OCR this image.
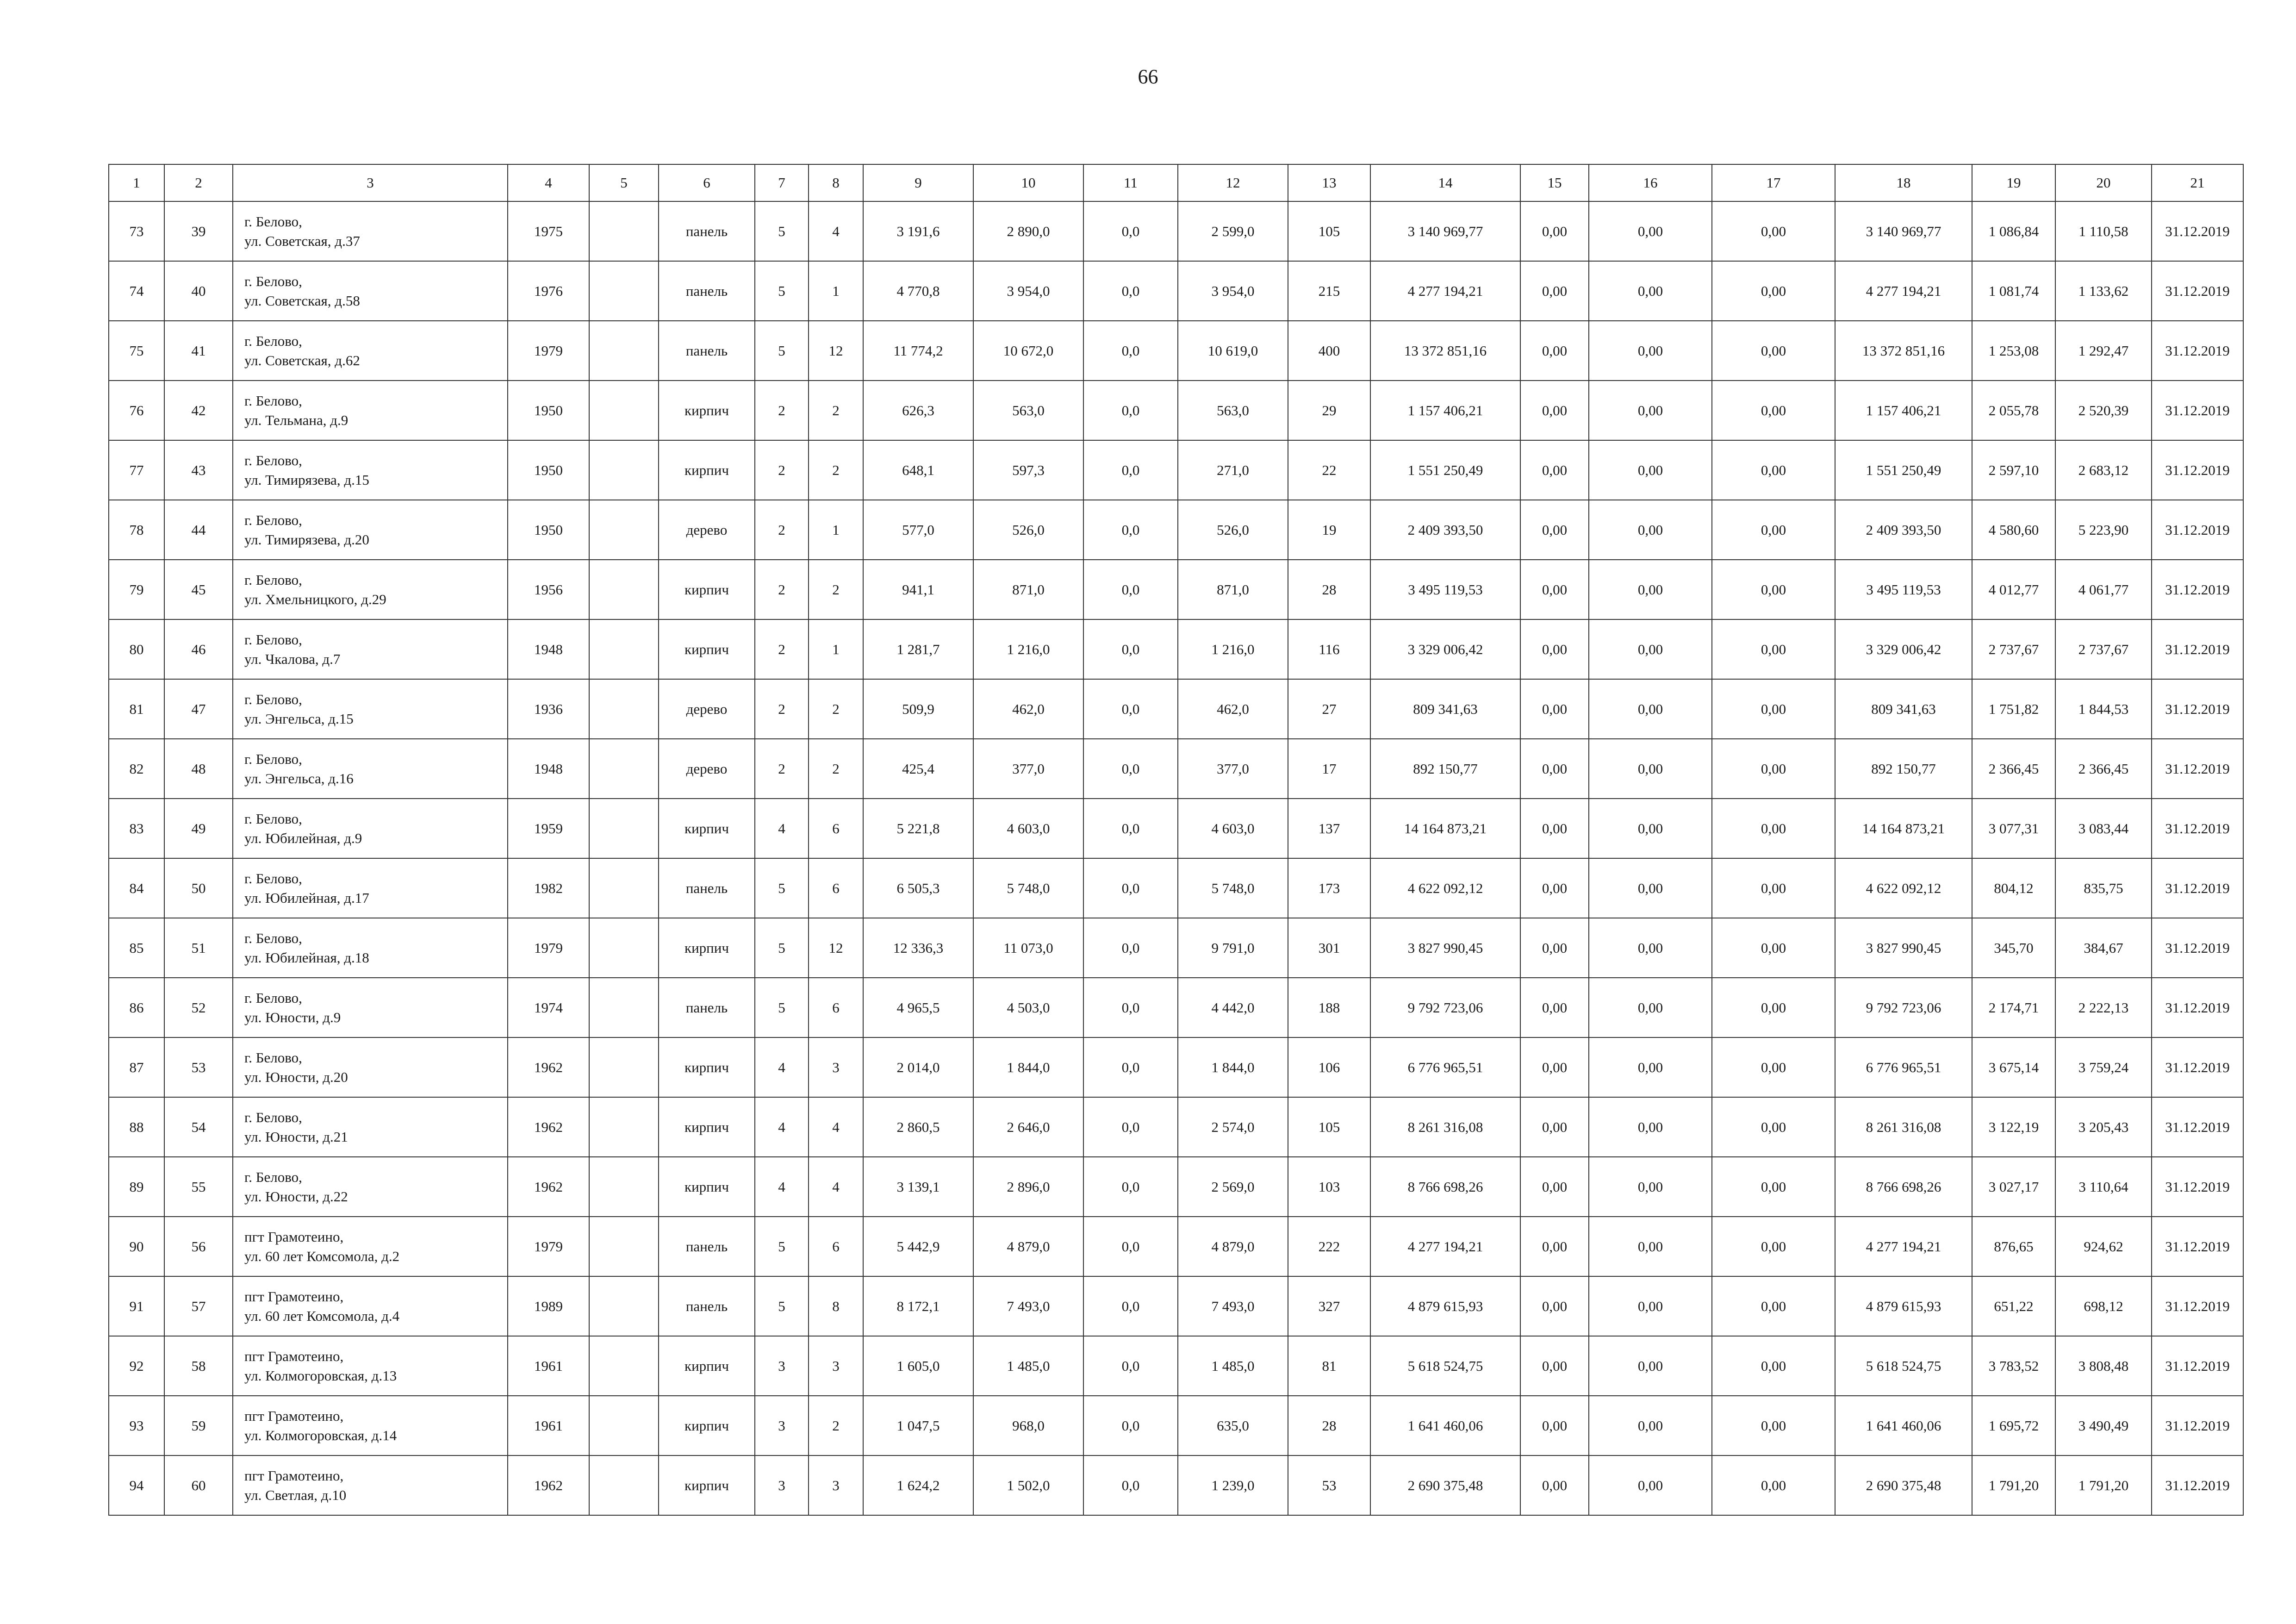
66
1	2	3	4	5	6	7	8	9	10	11	12	13	14	15	16	17	18	19	20	21
73	39	г. Белово,
ул. Советская, д.37	1975		панель	5	4	3 191,6	2 890,0	0,0	2 599,0	105	3 140 969,77	0,00	0,00	0,00	3 140 969,77	1 086,84	1 110,58	31.12.2019
74	40	г. Белово,
ул. Советская, д.58	1976		панель	5	1	4 770,8	3 954,0	0,0	3 954,0	215	4 277 194,21	0,00	0,00	0,00	4 277 194,21	1 081,74	1 133,62	31.12.2019
75	41	г. Белово,
ул. Советская, д.62	1979		панель	5	12	11 774,2	10 672,0	0,0	10 619,0	400	13 372 851,16	0,00	0,00	0,00	13 372 851,16	1 253,08	1 292,47	31.12.2019
76	42	г. Белово,
ул. Тельмана, д.9	1950		кирпич	2	2	626,3	563,0	0,0	563,0	29	1 157 406,21	0,00	0,00	0,00	1 157 406,21	2 055,78	2 520,39	31.12.2019
77	43	г. Белово,
ул. Тимирязева, д.15	1950		кирпич	2	2	648,1	597,3	0,0	271,0	22	1 551 250,49	0,00	0,00	0,00	1 551 250,49	2 597,10	2 683,12	31.12.2019
78	44	г. Белово,
ул. Тимирязева, д.20	1950		дерево	2	1	577,0	526,0	0,0	526,0	19	2 409 393,50	0,00	0,00	0,00	2 409 393,50	4 580,60	5 223,90	31.12.2019
79	45	г. Белово,
ул. Хмельницкого, д.29	1956		кирпич	2	2	941,1	871,0	0,0	871,0	28	3 495 119,53	0,00	0,00	0,00	3 495 119,53	4 012,77	4 061,77	31.12.2019
80	46	г. Белово,
ул. Чкалова, д.7	1948		кирпич	2	1	1 281,7	1 216,0	0,0	1 216,0	116	3 329 006,42	0,00	0,00	0,00	3 329 006,42	2 737,67	2 737,67	31.12.2019
81	47	г. Белово,
ул. Энгельса, д.15	1936		дерево	2	2	509,9	462,0	0,0	462,0	27	809 341,63	0,00	0,00	0,00	809 341,63	1 751,82	1 844,53	31.12.2019
82	48	г. Белово,
ул. Энгельса, д.16	1948		дерево	2	2	425,4	377,0	0,0	377,0	17	892 150,77	0,00	0,00	0,00	892 150,77	2 366,45	2 366,45	31.12.2019
83	49	г. Белово,
ул. Юбилейная, д.9	1959		кирпич	4	6	5 221,8	4 603,0	0,0	4 603,0	137	14 164 873,21	0,00	0,00	0,00	14 164 873,21	3 077,31	3 083,44	31.12.2019
84	50	г. Белово,
ул. Юбилейная, д.17	1982		панель	5	6	6 505,3	5 748,0	0,0	5 748,0	173	4 622 092,12	0,00	0,00	0,00	4 622 092,12	804,12	835,75	31.12.2019
85	51	г. Белово,
ул. Юбилейная, д.18	1979		кирпич	5	12	12 336,3	11 073,0	0,0	9 791,0	301	3 827 990,45	0,00	0,00	0,00	3 827 990,45	345,70	384,67	31.12.2019
86	52	г. Белово,
ул. Юности, д.9	1974		панель	5	6	4 965,5	4 503,0	0,0	4 442,0	188	9 792 723,06	0,00	0,00	0,00	9 792 723,06	2 174,71	2 222,13	31.12.2019
87	53	г. Белово,
ул. Юности, д.20	1962		кирпич	4	3	2 014,0	1 844,0	0,0	1 844,0	106	6 776 965,51	0,00	0,00	0,00	6 776 965,51	3 675,14	3 759,24	31.12.2019
88	54	г. Белово,
ул. Юности, д.21	1962		кирпич	4	4	2 860,5	2 646,0	0,0	2 574,0	105	8 261 316,08	0,00	0,00	0,00	8 261 316,08	3 122,19	3 205,43	31.12.2019
89	55	г. Белово,
ул. Юности, д.22	1962		кирпич	4	4	3 139,1	2 896,0	0,0	2 569,0	103	8 766 698,26	0,00	0,00	0,00	8 766 698,26	3 027,17	3 110,64	31.12.2019
90	56	пгт Грамотеино,
ул. 60 лет Комсомола, д.2	1979		панель	5	6	5 442,9	4 879,0	0,0	4 879,0	222	4 277 194,21	0,00	0,00	0,00	4 277 194,21	876,65	924,62	31.12.2019
91	57	пгт Грамотеино,
ул. 60 лет Комсомола, д.4	1989		панель	5	8	8 172,1	7 493,0	0,0	7 493,0	327	4 879 615,93	0,00	0,00	0,00	4 879 615,93	651,22	698,12	31.12.2019
92	58	пгт Грамотеино,
ул. Колмогоровская, д.13	1961		кирпич	3	3	1 605,0	1 485,0	0,0	1 485,0	81	5 618 524,75	0,00	0,00	0,00	5 618 524,75	3 783,52	3 808,48	31.12.2019
93	59	пгт Грамотеино,
ул. Колмогоровская, д.14	1961		кирпич	3	2	1 047,5	968,0	0,0	635,0	28	1 641 460,06	0,00	0,00	0,00	1 641 460,06	1 695,72	3 490,49	31.12.2019
94	60	пгт Грамотеино,
ул. Светлая, д.10	1962		кирпич	3	3	1 624,2	1 502,0	0,0	1 239,0	53	2 690 375,48	0,00	0,00	0,00	2 690 375,48	1 791,20	1 791,20	31.12.2019
